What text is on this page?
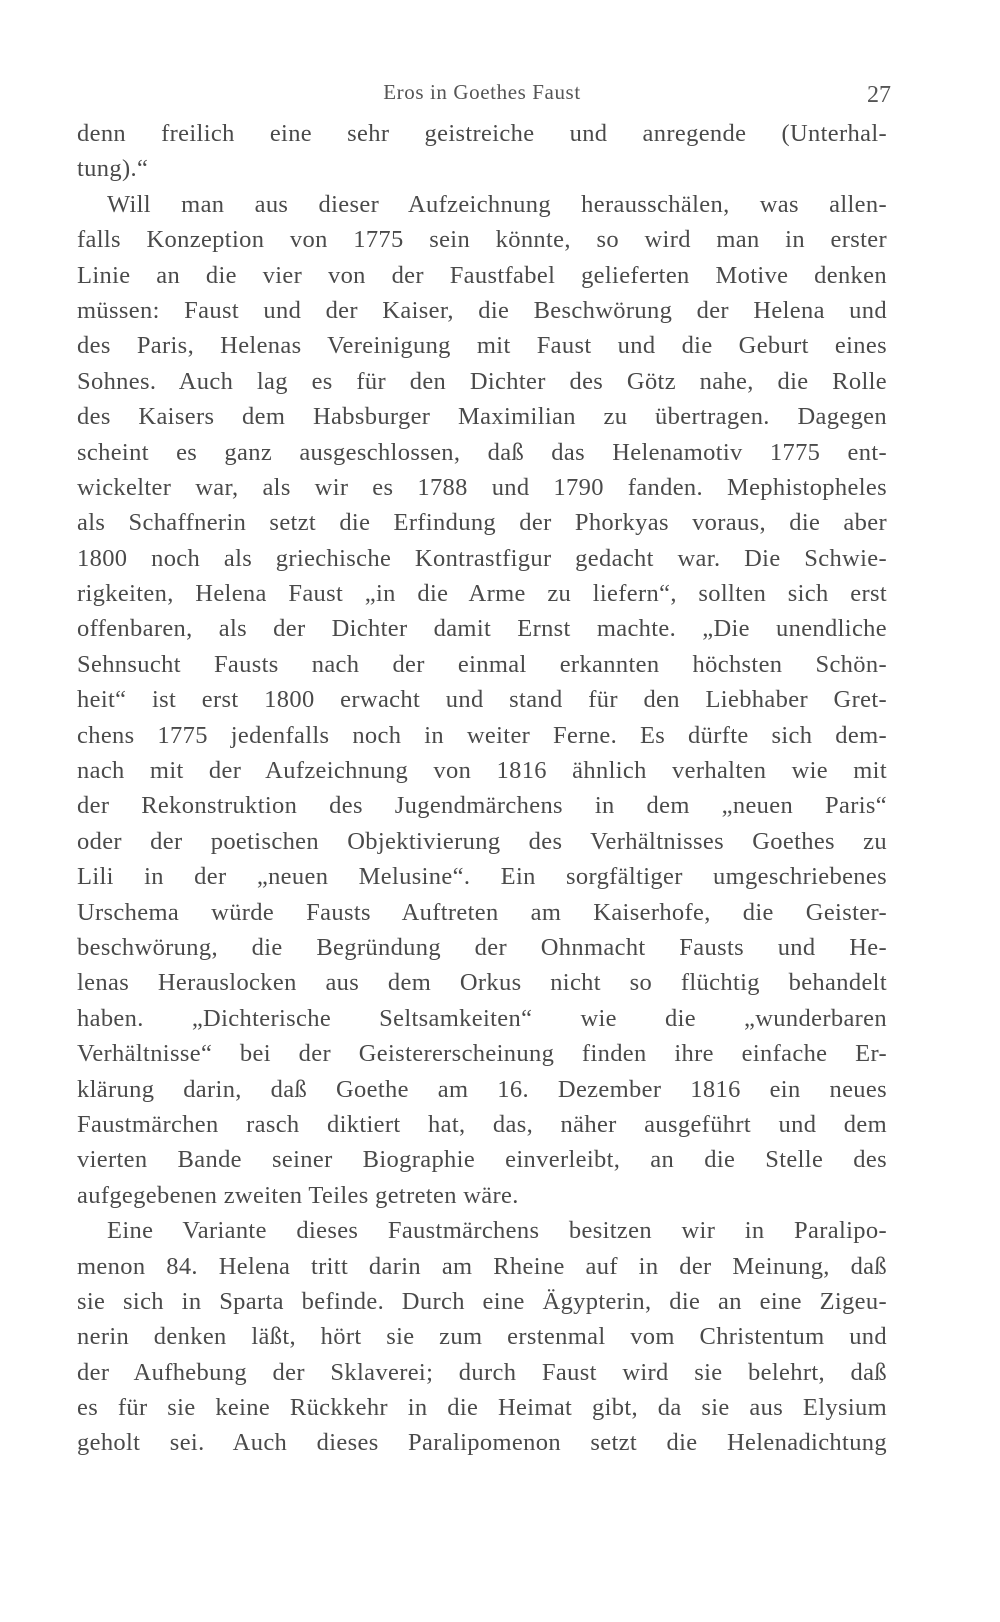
Eros in Goethes Faust	27
denn freilich eine sehr geistreiche und anregende (Unterhal-
tung).“
Will man aus dieser Aufzeichnung herausschälen, was allen-
falls Konzeption von 1775 sein könnte, so wird man in erster
Linie an die vier von der Faustfabel gelieferten Motive denken
müssen: Faust und der Kaiser, die Beschwörung der Helena und
des Paris, Helenas Vereinigung mit Faust und die Geburt eines
Sohnes. Auch lag es für den Dichter des Götz nahe, die Rolle
des Kaisers dem Habsburger Maximilian zu übertragen. Dagegen
scheint es ganz ausgeschlossen, daß das Helenamotiv 1775 ent-
wickelter war, als wir es 1788 und 1790 fanden. Mephistopheles
als Schaffnerin setzt die Erfindung der Phorkyas voraus, die aber
1800 noch als griechische Kontrastfigur gedacht war. Die Schwie-
rigkeiten, Helena Faust „in die Arme zu liefern“, sollten sich erst
offenbaren, als der Dichter damit Ernst machte. „Die unendliche
Sehnsucht Fausts nach der einmal erkannten höchsten Schön-
heit“ ist erst 1800 erwacht und stand für den Liebhaber Gret-
chens 1775 jedenfalls noch in weiter Ferne. Es dürfte sich dem-
nach mit der Aufzeichnung von 1816 ähnlich verhalten wie mit
der Rekonstruktion des Jugendmärchens in dem „neuen Paris“
oder der poetischen Objektivierung des Verhältnisses Goethes zu
Lili in der „neuen Melusine“. Ein sorgfältiger umgeschriebenes
Urschema würde Fausts Auftreten am Kaiserhofe, die Geister-
beschwörung, die Begründung der Ohnmacht Fausts und He-
lenas Herauslocken aus dem Orkus nicht so flüchtig behandelt
haben. „Dichterische Seltsamkeiten“ wie die „wunderbaren
Verhältnisse“ bei der Geistererscheinung finden ihre einfache Er-
klärung darin, daß Goethe am 16. Dezember 1816 ein neues
Faustmärchen rasch diktiert hat, das, näher ausgeführt und dem
vierten Bande seiner Biographie einverleibt, an die Stelle des
aufgegebenen zweiten Teiles getreten wäre.
Eine Variante dieses Faustmärchens besitzen wir in Paralipo-
menon 84. Helena tritt darin am Rheine auf in der Meinung, daß
sie sich in Sparta befinde. Durch eine Ägypterin, die an eine Zigeu-
nerin denken läßt, hört sie zum erstenmal vom Christentum und
der Aufhebung der Sklaverei; durch Faust wird sie belehrt, daß
es für sie keine Rückkehr in die Heimat gibt, da sie aus Elysium
geholt sei. Auch dieses Paralipomenon setzt die Helenadichtung
